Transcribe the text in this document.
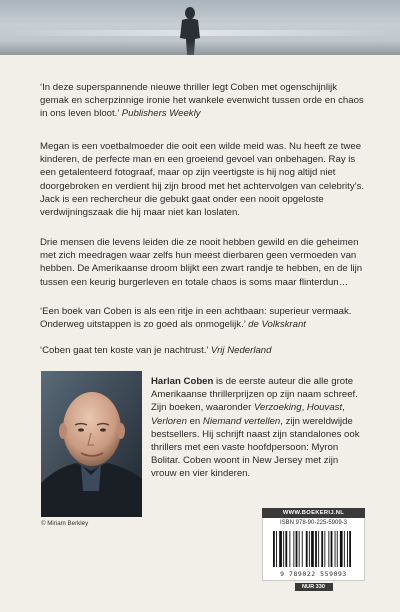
‘In deze superspannende nieuwe thriller legt Coben met ogenschijnlijk gemak en scherpzinnige ironie het wankele evenwicht tussen orde en chaos in ons leven bloot.’ Publishers Weekly

Megan is een voetbalmoeder die ooit een wilde meid was. Nu heeft ze twee kinderen, de perfecte man en een groeiend gevoel van onbehagen. Ray is een getalenteerd fotograaf, maar op zijn veertigste is hij nog altijd niet doorgebroken en verdient hij zijn brood met het achtervolgen van celebrity’s. Jack is een rechercheur die gebukt gaat onder een nooit opgeloste verdwijningszaak die hij maar niet kan loslaten.

Drie mensen die levens leiden die ze nooit hebben gewild en die geheimen met zich meedragen waar zelfs hun meest dierbaren geen vermoeden van hebben. De Amerikaanse droom blijkt een zwart randje te hebben, en de lijn tussen een keurig burgerleven en totale chaos is soms maar flinterdun…

‘Een boek van Coben is als een ritje in een achtbaan: superieur vermaak. Onderweg uitstappen is zo goed als onmogelijk.’ de Volkskrant

‘Coben gaat ten koste van je nachtrust.’ Vrij Nederland

© Miriam Berkley

Harlan Coben is de eerste auteur die alle grote Amerikaanse thrillerprijzen op zijn naam schreef. Zijn boeken, waaronder Verzoeking, Houvast, Verloren en Niemand vertellen, zijn wereldwijde bestsellers. Hij schrijft naast zijn standalones ook thrillers met een vaste hoofdpersoon: Myron Bolitar. Coben woont in New Jersey met zijn vrouw en vier kinderen.

WWW.BOEKERIJ.NL
ISBN 978-90-225-5909-3
9 789022 559093
NUR 330
